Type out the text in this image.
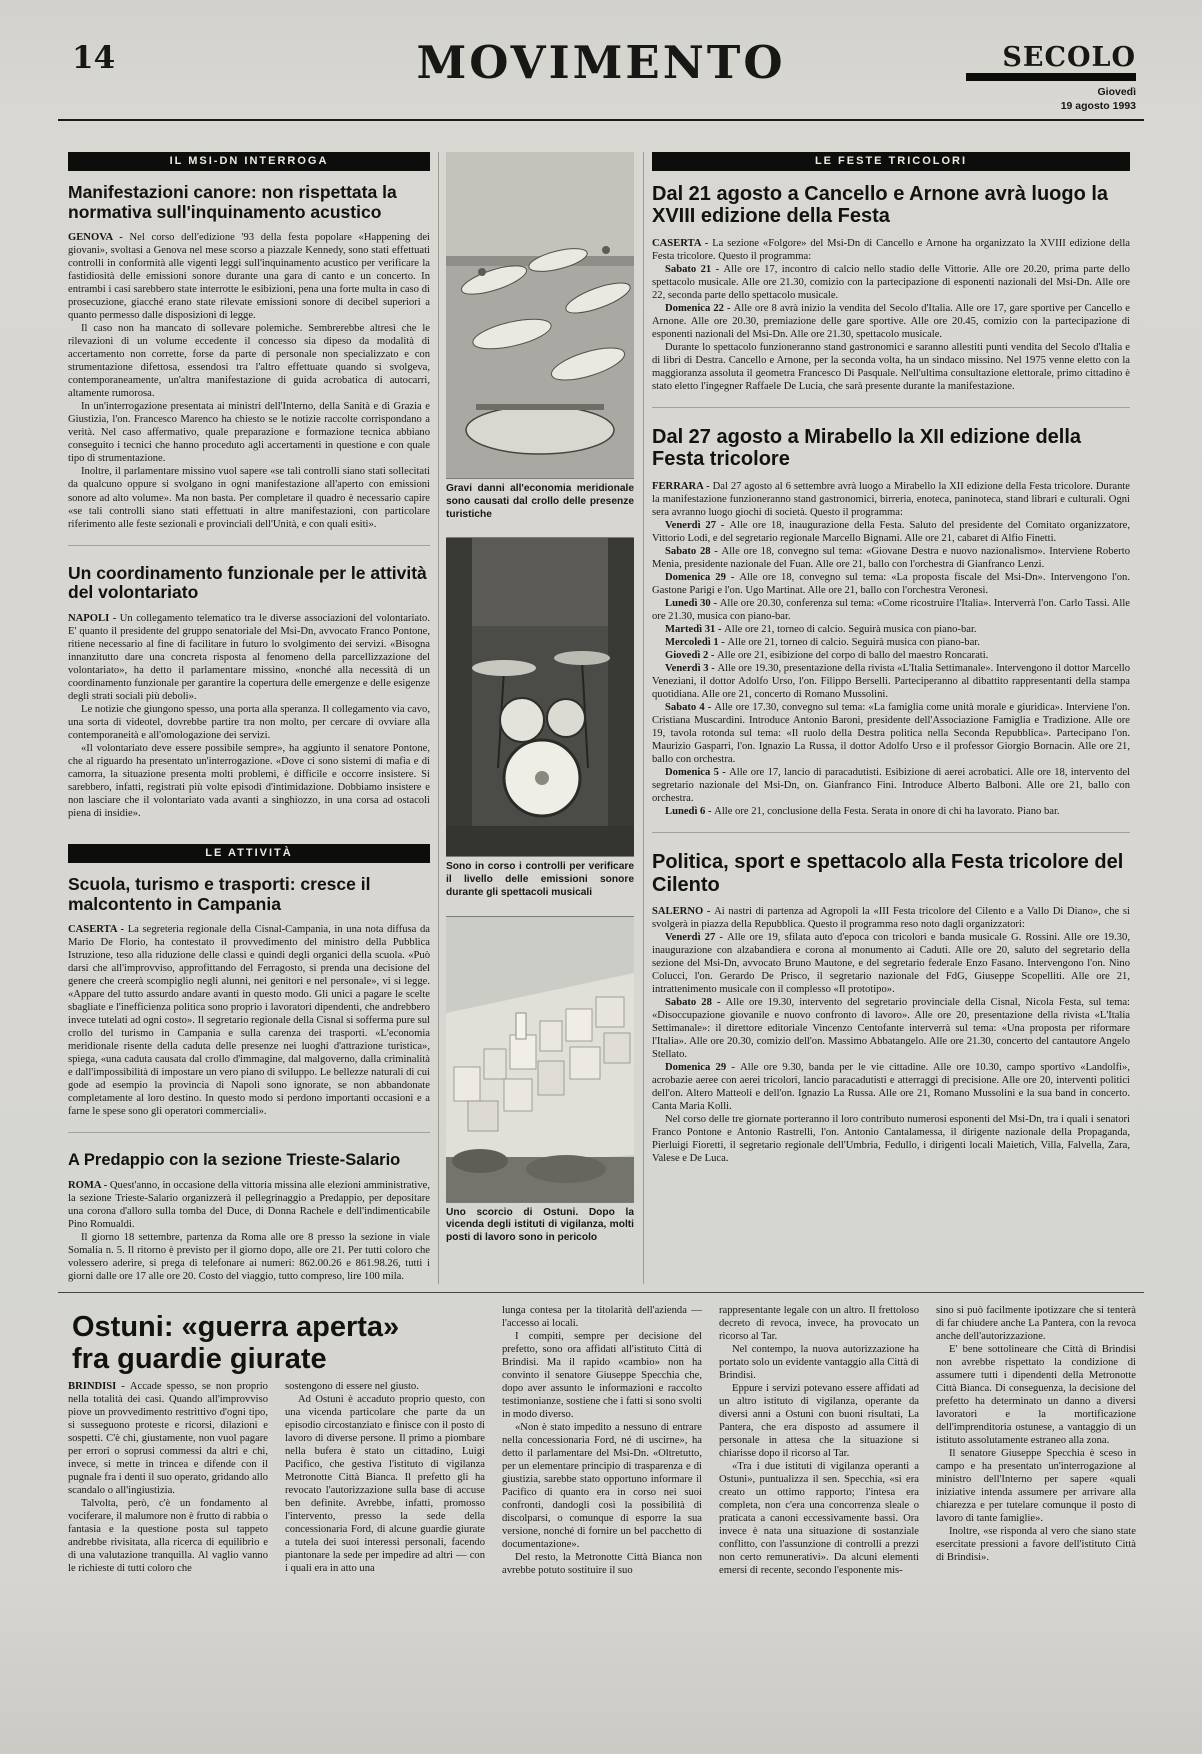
14	MOVIMENTO	SECOLO
Giovedì
19 agosto 1993
IL MSI-DN INTERROGA
Manifestazioni canore: non rispettata la normativa sull'inquinamento acustico

GENOVA - Nel corso dell'edizione '93 della festa popolare «Happening dei giovani», svoltasi a Genova nel mese scorso a piazzale Kennedy, sono stati effettuati controlli in conformità alle vigenti leggi sull'inquinamento acustico per verificare la fastidiosità delle emissioni sonore durante una gara di canto e un concerto. In entrambi i casi sarebbero state interrotte le esibizioni, pena una forte multa in caso di prosecuzione, giacché erano state rilevate emissioni sonore di decibel superiori a quanto permesso dalle disposizioni di legge.

Il caso non ha mancato di sollevare polemiche. Sembrerebbe altresì che le rilevazioni di un volume eccedente il concesso sia dipeso da modalità di accertamento non corrette, forse da parte di personale non specializzato e con strumentazione difettosa, essendosi tra l'altro effettuate quando si svolgeva, contemporaneamente, un'altra manifestazione di guida acrobatica di autocarri, altamente rumorosa.

In un'interrogazione presentata ai ministri dell'Interno, della Sanità e di Grazia e Giustizia, l'on. Francesco Marenco ha chiesto se le notizie raccolte corrispondano a verità. Nel caso affermativo, quale preparazione e formazione tecnica abbiano conseguito i tecnici che hanno proceduto agli accertamenti in questione e con quale tipo di strumentazione.

Inoltre, il parlamentare missino vuol sapere «se tali controlli siano stati sollecitati da qualcuno oppure si svolgano in ogni manifestazione all'aperto con emissioni sonore ad alto volume». Ma non basta. Per completare il quadro è necessario capire «se tali controlli siano stati effettuati in altre manifestazioni, con particolare riferimento alle feste sezionali e provinciali dell'Unità, e con quali esiti».

Un coordinamento funzionale per le attività del volontariato

NAPOLI - Un collegamento telematico tra le diverse associazioni del volontariato. E' quanto il presidente del gruppo senatoriale del Msi-Dn, avvocato Franco Pontone, ritiene necessario al fine di facilitare in futuro lo svolgimento dei servizi. «Bisogna innanzitutto dare una concreta risposta al fenomeno della parcellizzazione del volontariato», ha detto il parlamentare missino, «nonché alla necessità di un coordinamento funzionale per garantire la copertura delle emergenze e delle esigenze degli strati sociali più deboli».

Le notizie che giungono spesso, una porta alla speranza. Il collegamento via cavo, una sorta di videotel, dovrebbe partire tra non molto, per cercare di ovviare alla contemporaneità e all'omologazione dei servizi.

«Il volontariato deve essere possibile sempre», ha aggiunto il senatore Pontone, che al riguardo ha presentato un'interrogazione. «Dove ci sono sistemi di mafia e di camorra, la situazione presenta molti problemi, è difficile e occorre insistere. Si sarebbero, infatti, registrati più volte episodi d'intimidazione. Dobbiamo insistere e non lasciare che il volontariato vada avanti a singhiozzo, in una corsa ad ostacoli piena di insidie».

LE ATTIVITÀ
Scuola, turismo e trasporti: cresce il malcontento in Campania

CASERTA - La segreteria regionale della Cisnal-Campania, in una nota diffusa da Mario De Florio, ha contestato il provvedimento del ministro della Pubblica Istruzione, teso alla riduzione delle classi e quindi degli organici della scuola. «Può darsi che all'improvviso, approfittando del Ferragosto, si prenda una decisione del genere che creerà scompiglio negli alunni, nei genitori e nel personale», vi si legge. «Appare del tutto assurdo andare avanti in questo modo. Gli unici a pagare le scelte sbagliate e l'inefficienza politica sono proprio i lavoratori dipendenti, che andrebbero invece tutelati ad ogni costo». Il segretario regionale della Cisnal si sofferma pure sul crollo del turismo in Campania e sulla carenza dei trasporti. «L'economia meridionale risente della caduta delle presenze nei luoghi d'attrazione turistica», spiega, «una caduta causata dal crollo d'immagine, dal malgoverno, dalla criminalità e dall'impossibilità di impostare un vero piano di sviluppo. Le bellezze naturali di cui gode ad esempio la provincia di Napoli sono ignorate, se non abbandonate completamente al loro destino. In questo modo si perdono importanti occasioni e a farne le spese sono gli operatori commerciali».

A Predappio con la sezione Trieste-Salario

ROMA - Quest'anno, in occasione della vittoria missina alle elezioni amministrative, la sezione Trieste-Salario organizzerà il pellegrinaggio a Predappio, per depositare una corona d'alloro sulla tomba del Duce, di Donna Rachele e dell'indimenticabile Pino Romualdi.

Il giorno 18 settembre, partenza da Roma alle ore 8 presso la sezione in viale Somalia n. 5. Il ritorno è previsto per il giorno dopo, alle ore 21. Per tutti coloro che volessero aderire, si prega di telefonare ai numeri: 862.00.26 e 861.98.26, tutti i giorni dalle ore 17 alle ore 20. Costo del viaggio, tutto compreso, lire 100 mila.

Gravi danni all'economia meridionale sono causati dal crollo delle presenze turistiche
Sono in corso i controlli per verificare il livello delle emissioni sonore durante gli spettacoli musicali
Uno scorcio di Ostuni. Dopo la vicenda degli istituti di vigilanza, molti posti di lavoro sono in pericolo
LE FESTE TRICOLORI
Dal 21 agosto a Cancello e Arnone avrà luogo la XVIII edizione della Festa

CASERTA - La sezione «Folgore» del Msi-Dn di Cancello e Arnone ha organizzato la XVIII edizione della Festa tricolore. Questo il programma:

Sabato 21 - Alle ore 17, incontro di calcio nello stadio delle Vittorie. Alle ore 20.20, prima parte dello spettacolo musicale. Alle ore 21.30, comizio con la partecipazione di esponenti nazionali del Msi-Dn. Alle ore 22, seconda parte dello spettacolo musicale.

Domenica 22 - Alle ore 8 avrà inizio la vendita del Secolo d'Italia. Alle ore 17, gare sportive per Cancello e Arnone. Alle ore 20.30, premiazione delle gare sportive. Alle ore 20.45, comizio con la partecipazione di esponenti nazionali del Msi-Dn. Alle ore 21.30, spettacolo musicale.

Durante lo spettacolo funzioneranno stand gastronomici e saranno allestiti punti vendita del Secolo d'Italia e di libri di Destra. Cancello e Arnone, per la seconda volta, ha un sindaco missino. Nel 1975 venne eletto con la maggioranza assoluta il geometra Francesco Di Pasquale. Nell'ultima consultazione elettorale, primo cittadino è stato eletto l'ingegner Raffaele De Lucia, che sarà presente durante la manifestazione.

Dal 27 agosto a Mirabello la XII edizione della Festa tricolore

FERRARA - Dal 27 agosto al 6 settembre avrà luogo a Mirabello la XII edizione della Festa tricolore. Durante la manifestazione funzioneranno stand gastronomici, birreria, enoteca, paninoteca, stand librari e culturali. Ogni sera avranno luogo giochi di società. Questo il programma:

Venerdì 27 - Alle ore 18, inaugurazione della Festa. Saluto del presidente del Comitato organizzatore, Vittorio Lodi, e del segretario regionale Marcello Bignami. Alle ore 21, cabaret di Alfio Finetti.

Sabato 28 - Alle ore 18, convegno sul tema: «Giovane Destra e nuovo nazionalismo». Interviene Roberto Menia, presidente nazionale del Fuan. Alle ore 21, ballo con l'orchestra di Gianfranco Lenzi.

Domenica 29 - Alle ore 18, convegno sul tema: «La proposta fiscale del Msi-Dn». Intervengono l'on. Gastone Parigi e l'on. Ugo Martinat. Alle ore 21, ballo con l'orchestra Veronesi.

Lunedì 30 - Alle ore 20.30, conferenza sul tema: «Come ricostruire l'Italia». Interverrà l'on. Carlo Tassi. Alle ore 21.30, musica con piano-bar.

Martedì 31 - Alle ore 21, torneo di calcio. Seguirà musica con piano-bar.

Mercoledì 1 - Alle ore 21, torneo di calcio. Seguirà musica con piano-bar.

Giovedì 2 - Alle ore 21, esibizione del corpo di ballo del maestro Roncarati.

Venerdì 3 - Alle ore 19.30, presentazione della rivista «L'Italia Settimanale». Intervengono il dottor Marcello Veneziani, il dottor Adolfo Urso, l'on. Filippo Berselli. Parteciperanno al dibattito rappresentanti della stampa quotidiana. Alle ore 21, concerto di Romano Mussolini.

Sabato 4 - Alle ore 17.30, convegno sul tema: «La famiglia come unità morale e giuridica». Interviene l'on. Cristiana Muscardini. Introduce Antonio Baroni, presidente dell'Associazione Famiglia e Tradizione. Alle ore 19, tavola rotonda sul tema: «Il ruolo della Destra politica nella Seconda Repubblica». Partecipano l'on. Maurizio Gasparri, l'on. Ignazio La Russa, il dottor Adolfo Urso e il professor Giorgio Bornacin. Alle ore 21, ballo con orchestra.

Domenica 5 - Alle ore 17, lancio di paracadutisti. Esibizione di aerei acrobatici. Alle ore 18, intervento del segretario nazionale del Msi-Dn, on. Gianfranco Fini. Introduce Alberto Balboni. Alle ore 21, ballo con orchestra.

Lunedì 6 - Alle ore 21, conclusione della Festa. Serata in onore di chi ha lavorato. Piano bar.

Politica, sport e spettacolo alla Festa tricolore del Cilento

SALERNO - Ai nastri di partenza ad Agropoli la «III Festa tricolore del Cilento e a Vallo Di Diano», che si svolgerà in piazza della Repubblica. Questo il programma reso noto dagli organizzatori:

Venerdì 27 - Alle ore 19, sfilata auto d'epoca con tricolori e banda musicale G. Rossini. Alle ore 19.30, inaugurazione con alzabandiera e corona al monumento ai Caduti. Alle ore 20, saluto del segretario della sezione del Msi-Dn, avvocato Bruno Mautone, e del segretario federale Enzo Fasano. Intervengono l'on. Nino Colucci, l'on. Gerardo De Prisco, il segretario nazionale del FdG, Giuseppe Scopelliti. Alle ore 21, intrattenimento musicale con il complesso «Il prototipo».

Sabato 28 - Alle ore 19.30, intervento del segretario provinciale della Cisnal, Nicola Festa, sul tema: «Disoccupazione giovanile e nuovo confronto di lavoro». Alle ore 20, presentazione della rivista «L'Italia Settimanale»: il direttore editoriale Vincenzo Centofante interverrà sul tema: «Una proposta per riformare l'Italia». Alle ore 20.30, comizio dell'on. Massimo Abbatangelo. Alle ore 21.30, concerto del cantautore Angelo Stellato.

Domenica 29 - Alle ore 9.30, banda per le vie cittadine. Alle ore 10.30, campo sportivo «Landolfi», acrobazie aeree con aerei tricolori, lancio paracadutisti e atterraggi di precisione. Alle ore 20, interventi politici dell'on. Altero Matteoli e dell'on. Ignazio La Russa. Alle ore 21, Romano Mussolini e la sua band in concerto. Canta Maria Kolli.

Nel corso delle tre giornate porteranno il loro contributo numerosi esponenti del Msi-Dn, tra i quali i senatori Franco Pontone e Antonio Rastrelli, l'on. Antonio Cantalamessa, il dirigente nazionale della Propaganda, Pierluigi Fioretti, il segretario regionale dell'Umbria, Fedullo, i dirigenti locali Maietich, Villa, Falvella, Zara, Valese e De Luca.

Ostuni: «guerra aperta»
fra guardie giurate

BRINDISI - Accade spesso, se non proprio nella totalità dei casi. Quando all'improvviso piove un provvedimento restrittivo d'ogni tipo, si susseguono proteste e ricorsi, dilazioni e sospetti. C'è chi, giustamente, non vuol pagare per errori o soprusi commessi da altri e chi, invece, si mette in trincea e difende con il pugnale fra i denti il suo operato, gridando allo scandalo o all'ingiustizia.

Talvolta, però, c'è un fondamento al vociferare, il malumore non è frutto di rabbia o fantasia e la questione posta sul tappeto andrebbe rivisitata, alla ricerca di equilibrio e di una valutazione tranquilla. Al vaglio vanno le richieste di tutti coloro che

sostengono di essere nel giusto.

Ad Ostuni è accaduto proprio questo, con una vicenda particolare che parte da un episodio circostanziato e finisce con il posto di lavoro di diverse persone. Il primo a piombare nella bufera è stato un cittadino, Luigi Pacifico, che gestiva l'istituto di vigilanza Metronotte Città Bianca. Il prefetto gli ha revocato l'autorizzazione sulla base di accuse ben definite. Avrebbe, infatti, promosso l'intervento, presso la sede della concessionaria Ford, di alcune guardie giurate a tutela dei suoi interessi personali, facendo piantonare la sede per impedire ad altri — con i quali era in atto una

lunga contesa per la titolarità dell'azienda — l'accesso ai locali.

I compiti, sempre per decisione del prefetto, sono ora affidati all'istituto Città di Brindisi. Ma il rapido «cambio» non ha convinto il senatore Giuseppe Specchia che, dopo aver assunto le informazioni e raccolto testimonianze, sostiene che i fatti si sono svolti in modo diverso.

«Non è stato impedito a nessuno di entrare nella concessionaria Ford, né di uscirne», ha detto il parlamentare del Msi-Dn. «Oltretutto, per un elementare principio di trasparenza e di giustizia, sarebbe stato opportuno informare il Pacifico di quanto era in corso nei suoi confronti, dandogli così la possibilità di discolparsi, o comunque di esporre la sua versione, nonché di fornire un bel pacchetto di documentazione».

Del resto, la Metronotte Città Bianca non avrebbe potuto sostituire il suo

rappresentante legale con un altro. Il frettoloso decreto di revoca, invece, ha provocato un ricorso al Tar.

Nel contempo, la nuova autorizzazione ha portato solo un evidente vantaggio alla Città di Brindisi.

Eppure i servizi potevano essere affidati ad un altro istituto di vigilanza, operante da diversi anni a Ostuni con buoni risultati, La Pantera, che era disposto ad assumere il personale in attesa che la situazione si chiarisse dopo il ricorso al Tar.

«Tra i due istituti di vigilanza operanti a Ostuni», puntualizza il sen. Specchia, «si era creato un ottimo rapporto; l'intesa era completa, non c'era una concorrenza sleale o praticata a canoni eccessivamente bassi. Ora invece è nata una situazione di sostanziale conflitto, con l'assunzione di controlli a prezzi non certo remunerativi». Da alcuni elementi emersi di recente, secondo l'esponente mis-

sino si può facilmente ipotizzare che si tenterà di far chiudere anche La Pantera, con la revoca anche dell'autorizzazione.

E' bene sottolineare che Città di Brindisi non avrebbe rispettato la condizione di assumere tutti i dipendenti della Metronotte Città Bianca. Di conseguenza, la decisione del prefetto ha determinato un danno a diversi lavoratori e la mortificazione dell'imprenditoria ostunese, a vantaggio di un istituto assolutamente estraneo alla zona.

Il senatore Giuseppe Specchia è sceso in campo e ha presentato un'interrogazione al ministro dell'Interno per sapere «quali iniziative intenda assumere per arrivare alla chiarezza e per tutelare comunque il posto di lavoro di tante famiglie».

Inoltre, «se risponda al vero che siano state esercitate pressioni a favore dell'istituto Città di Brindisi».
